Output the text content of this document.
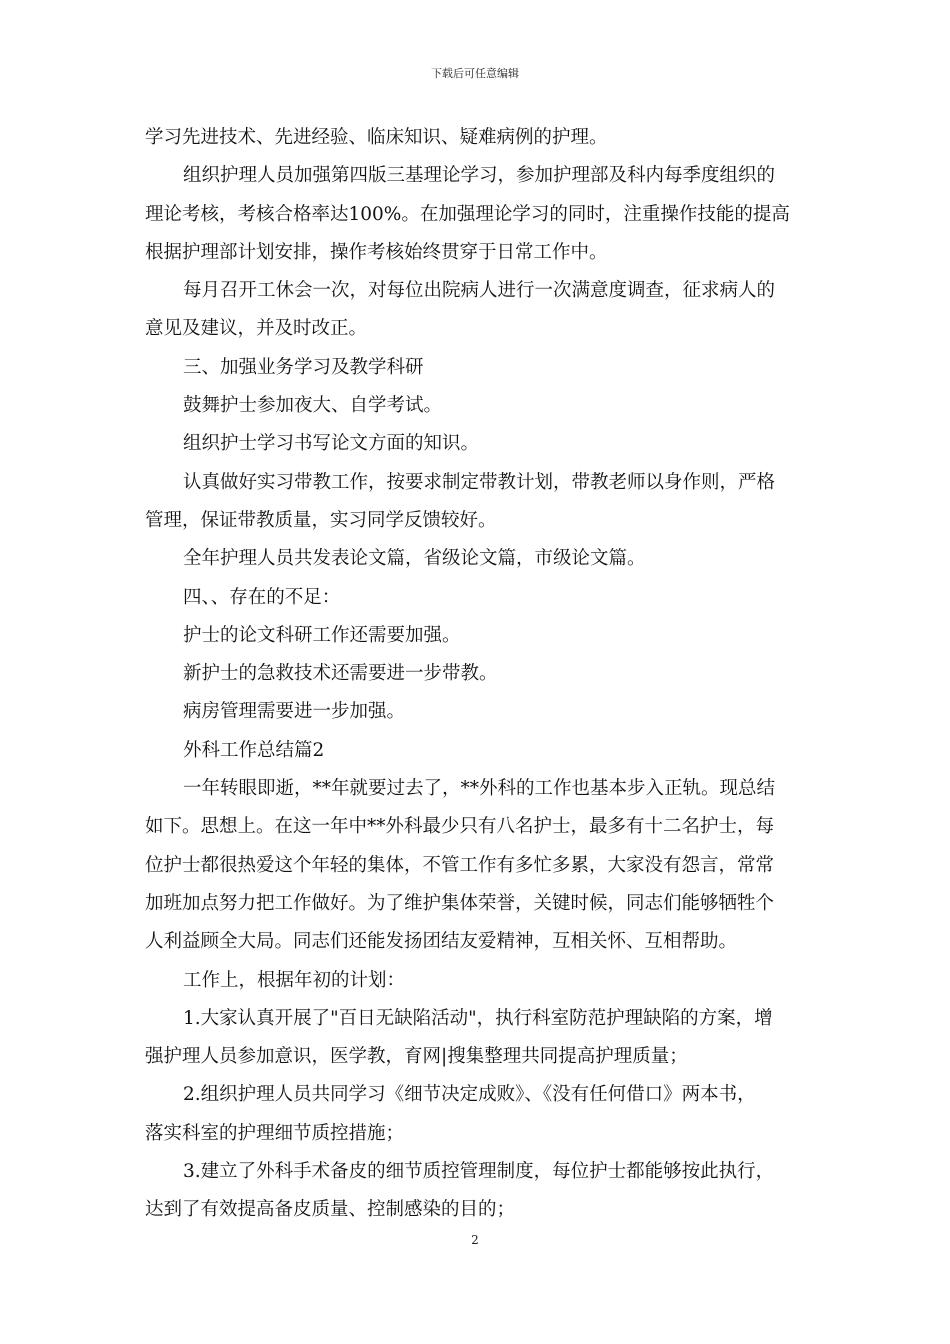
下载后可任意编辑
学习先进技术、先进经验、临床知识、疑难病例的护理。
组织护理人员加强第四版三基理论学习，参加护理部及科内每季度组织的
理论考核，考核合格率达100%。在加强理论学习的同时，注重操作技能的提高
根据护理部计划安排，操作考核始终贯穿于日常工作中。
每月召开工休会一次，对每位出院病人进行一次满意度调查，征求病人的
意见及建议，并及时改正。
三、加强业务学习及教学科研
鼓舞护士参加夜大、自学考试。
组织护士学习书写论文方面的知识。
认真做好实习带教工作，按要求制定带教计划，带教老师以身作则，严格
管理，保证带教质量，实习同学反馈较好。
全年护理人员共发表论文篇，省级论文篇，市级论文篇。
四、、存在的不足：
护士的论文科研工作还需要加强。
新护士的急救技术还需要进一步带教。
病房管理需要进一步加强。
外科工作总结篇2
一年转眼即逝，**年就要过去了，**外科的工作也基本步入正轨。现总结
如下。思想上。在这一年中**外科最少只有八名护士，最多有十二名护士，每
位护士都很热爱这个年轻的集体，不管工作有多忙多累，大家没有怨言，常常
加班加点努力把工作做好。为了维护集体荣誉，关键时候，同志们能够牺牲个
人利益顾全大局。同志们还能发扬团结友爱精神，互相关怀、互相帮助。
工作上，根据年初的计划：
1.大家认真开展了"百日无缺陷活动"，执行科室防范护理缺陷的方案，增
强护理人员参加意识，医学教，育网|搜集整理共同提高护理质量；
2.组织护理人员共同学习《细节决定成败》、《没有任何借口》两本书，
落实科室的护理细节质控措施；
3.建立了外科手术备皮的细节质控管理制度，每位护士都能够按此执行，
达到了有效提高备皮质量、控制感染的目的；
2
